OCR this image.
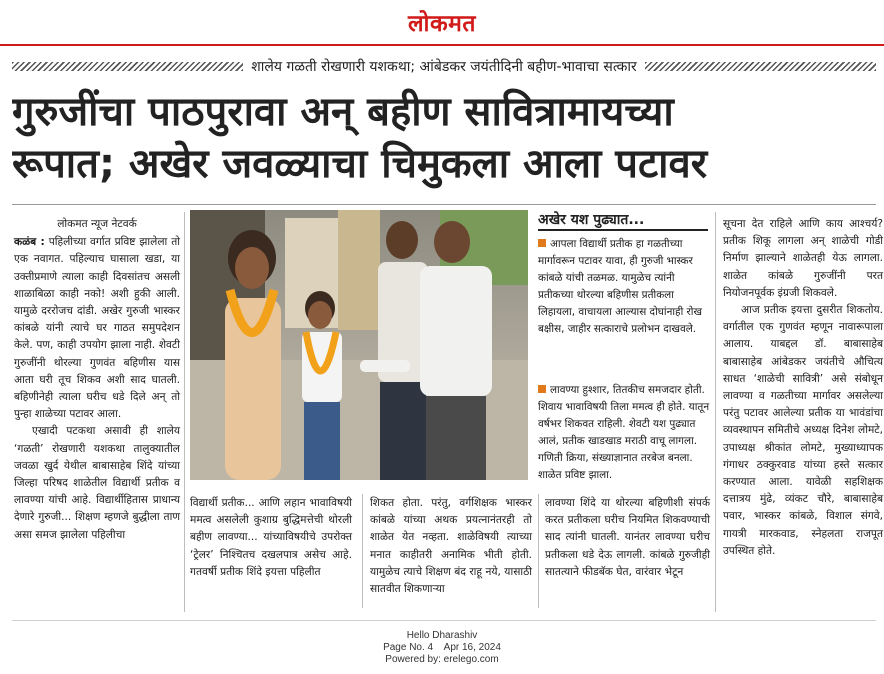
लोकमत
शालेय गळती रोखणारी यशकथा; आंबेडकर जयंतीदिनी बहीण-भावाचा सत्कार
गुरुजींचा पाठपुरावा अन् बहीण सावित्रामायच्या
रूपात; अखेर जवळ्याचा चिमुकला आला पटावर
लोकमत न्यूज नेटवर्क

कळंब : पहिलीच्या वर्गात प्रविष्ट झालेला तो एक नवागत. पहिल्याच घासाला खडा, या उक्तीप्रमाणे त्याला काही दिवसांतच असली शाळाबिळा काही नको! अशी हुकी आली. यामुळे दररोजच दांडी. अखेर गुरुजी भास्कर कांबळे यांनी त्याचे घर गाठत समुपदेशन केले. पण, काही उपयोग झाला नाही. शेवटी गुरुजींनी थोरल्या गुणवंत बहिणीस यास आता घरी तूच शिकव अशी साद घातली. बहिणीनेही त्याला घरीच धडे दिले अन् तो पुन्हा शाळेच्या पटावर आला.

एखादी पटकथा असावी ही शालेय ‘गळती’ रोखणारी यशकथा तालुक्यातील जवळा खुर्द येथील बाबासाहेब शिंदे यांच्या जिल्हा परिषद शाळेतील विद्यार्थी प्रतीक व लावण्या यांची आहे. विद्यार्थीहितास प्राधान्य देणारे गुरुजी... शिक्षण म्हणजे बुद्धीला ताण असा समज झालेला पहिलीचा

अखेर यश पुढ्यात...
आपला विद्यार्थी प्रतीक हा गळतीच्या मार्गावरून पटावर यावा, ही गुरुजी भास्कर कांबळे यांची तळमळ. यामुळेच त्यांनी प्रतीकच्या थोरल्या बहिणीस प्रतीकला लिहायला, वाचायला आल्यास दोघांनाही रोख बक्षीस, जाहीर सत्काराचे प्रलोभन दाखवले.
लावण्या हुश्शार, तितकीच समजदार होती. शिवाय भावाविषयी तिला ममत्व ही होते. यातून वर्षभर शिकवत राहिली. शेवटी यश पुढ्यात आलं, प्रतीक खाडखाड मराठी वाचू लागला. गणिती क्रिया, संख्याज्ञानात तरबेज बनला. शाळेत प्रविष्ट झाला.

सूचना देत राहिले आणि काय आश्चर्य? प्रतीक शिकू लागला अन् शाळेची गोडी निर्माण झाल्याने शाळेतही येऊ लागला. शाळेत कांबळे गुरुजींनी परत नियोजनपूर्वक इंग्रजी शिकवले.

आज प्रतीक इयत्ता दुसरीत शिकतोय. वर्गातील एक गुणवंत म्हणून नावारूपाला आलाय. याबद्दल डॉ. बाबासाहेब बाबासाहेब आंबेडकर जयंतीचे औचित्य साधत ‘शाळेची सावित्री’ असे संबोधून लावण्या व गळतीच्या मार्गावर असलेल्या परंतु पटावर आलेल्या प्रतीक या भावंडांचा व्यवस्थापन समितीचे अध्यक्ष दिनेश लोमटे, उपाध्यक्ष श्रीकांत लोमटे, मुख्याध्यापक गंगाधर ठक्कुरवाड यांच्या हस्ते सत्कार करण्यात आला. यावेळी सहशिक्षक दत्तात्रय मुंढे, व्यंकट चौरे, बाबासाहेब पवार, भास्कर कांबळे, विशाल संगवे, गायत्री मारकवाड, स्नेहलता राजपूत उपस्थित होते.

विद्यार्थी प्रतीक... आणि लहान भावाविषयी ममत्व असलेली कुशाग्र बुद्धिमत्तेची थोरली बहीण लावण्या... यांच्याविषयीचे उपरोक्त ‘ट्रेलर’ निश्चितच दखलपात्र असेच आहे. गतवर्षी प्रतीक शिंदे इयत्ता पहिलीत
शिकत होता. परंतु, वर्गशिक्षक भास्कर कांबळे यांच्या अथक प्रयत्नानंतरही तो शाळेत येत नव्हता. शाळेविषयी त्याच्या मनात काहीतरी अनामिक भीती होती. यामुळेच त्याचे शिक्षण बंद राहू नये, यासाठी सातवीत शिकणाऱ्या
लावण्या शिंदे या थोरल्या बहिणीशी संपर्क करत प्रतीकला घरीच नियमित शिकवण्याची साद त्यांनी घातली. यानंतर लावण्या घरीच प्रतीकला धडे देऊ लागली. कांबळे गुरुजीही सातत्याने फीडबॅक घेत, वारंवार भेटून
Hello Dharashiv
Page No. 4    Apr 16, 2024
Powered by: erelego.com
